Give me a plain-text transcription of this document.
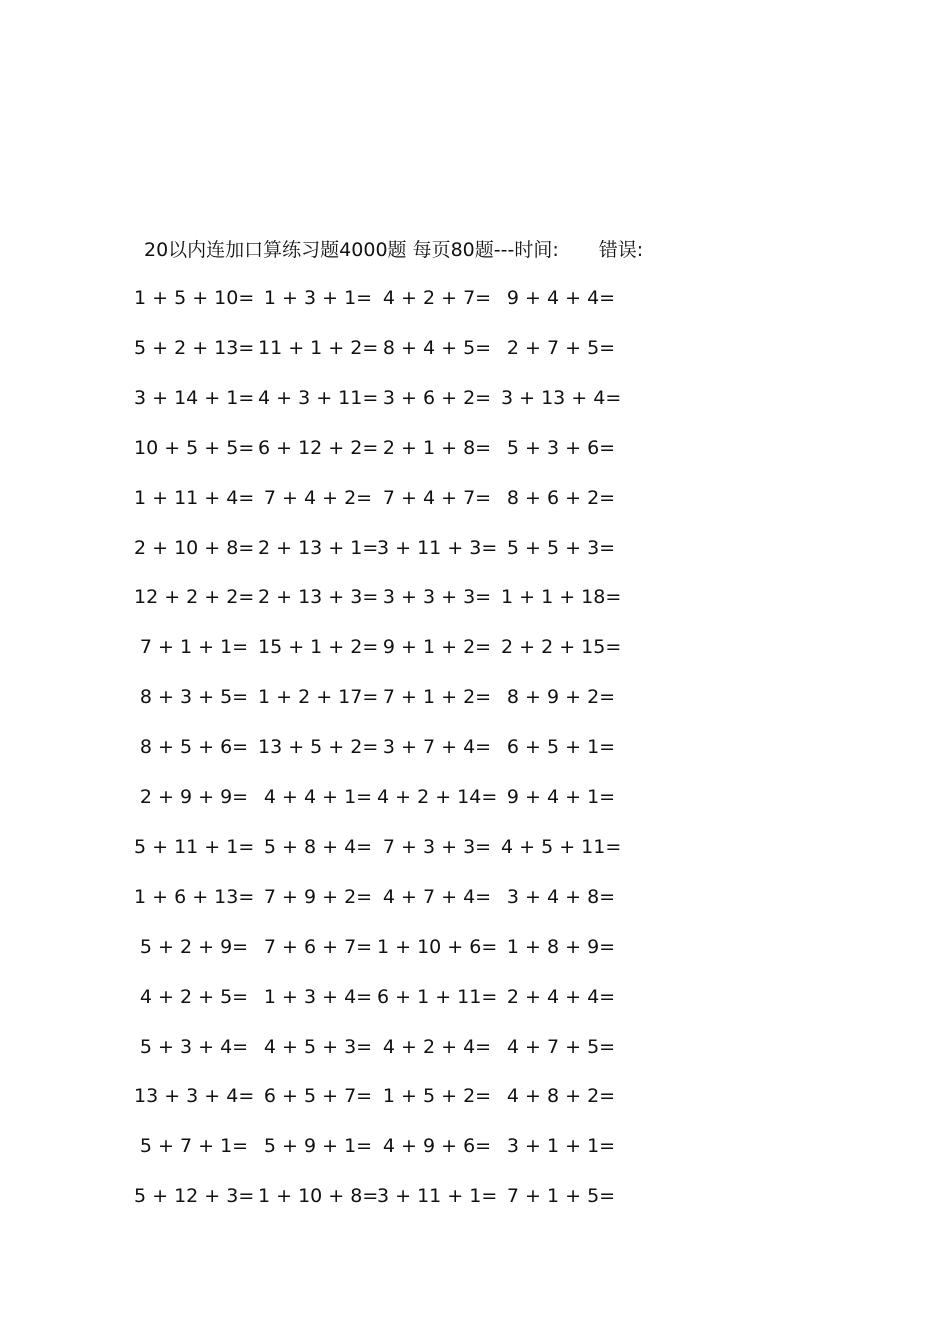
20以内连加口算练习题4000题 每页80题---时间: 错误:
1 + 5 + 10= 1 + 3 + 1= 4 + 2 + 7= 9 + 4 + 4=
5 + 2 + 13= 11 + 1 + 2= 8 + 4 + 5= 2 + 7 + 5=
3 + 14 + 1= 4 + 3 + 11= 3 + 6 + 2= 3 + 13 + 4=
10 + 5 + 5= 6 + 12 + 2= 2 + 1 + 8= 5 + 3 + 6=
1 + 11 + 4= 7 + 4 + 2= 7 + 4 + 7= 8 + 6 + 2=
2 + 10 + 8= 2 + 13 + 1=
3 + 11 + 3= 5 + 5 + 3=
12 + 2 + 2= 2 + 13 + 3= 3 + 3 + 3= 1 + 1 + 18=
7 + 1 + 1= 15 + 1 + 2= 9 + 1 + 2= 2 + 2 + 15=
8 + 3 + 5= 1 + 2 + 17= 7 + 1 + 2= 8 + 9 + 2=
8 + 5 + 6= 13 + 5 + 2= 3 + 7 + 4= 6 + 5 + 1=
2 + 9 + 9= 4 + 4 + 1= 4 + 2 + 14= 9 + 4 + 1=
5 + 11 + 1= 5 + 8 + 4= 7 + 3 + 3= 4 + 5 + 11=
1 + 6 + 13= 7 + 9 + 2= 4 + 7 + 4= 3 + 4 + 8=
5 + 2 + 9= 7 + 6 + 7= 1 + 10 + 6= 1 + 8 + 9=
4 + 2 + 5= 1 + 3 + 4= 6 + 1 + 11= 2 + 4 + 4=
5 + 3 + 4= 4 + 5 + 3= 4 + 2 + 4= 4 + 7 + 5=
13 + 3 + 4= 6 + 5 + 7= 1 + 5 + 2= 4 + 8 + 2=
5 + 7 + 1= 5 + 9 + 1= 4 + 9 + 6= 3 + 1 + 1=
5 + 12 + 3= 1 + 10 + 8=
3 + 11 + 1= 7 + 1 + 5=
